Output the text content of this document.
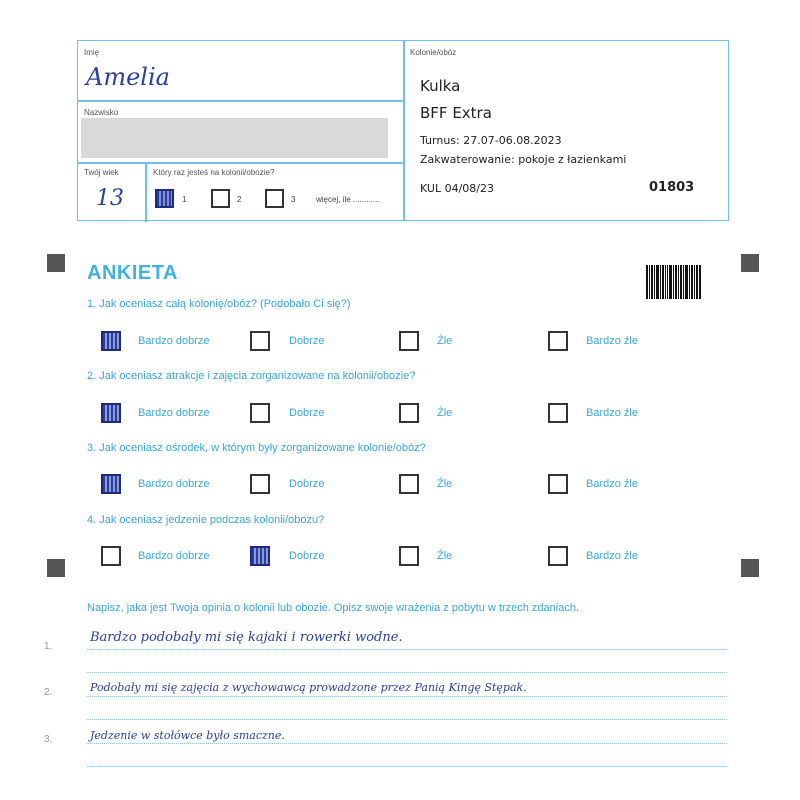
Imię
Amelia
Nazwisko
Twój wiek
13
Który raz jesteś na kolonii/obozie?
1	2	3	więcej, ile ............
Kolonie/obóz
Kulka
BFF Extra
Turnus: 27.07-06.08.2023
Zakwaterowanie: pokoje z łazienkami
KUL 04/08/23	01803
ANKIETA
1. Jak oceniasz całą kolonię/obóz? (Podobało Ci się?)
2. Jak oceniasz atrakcje i zajęcia zorganizowane na kolonii/obozie?
3. Jak oceniasz ośrodek, w którym były zorganizowane kolonie/obóz?
4. Jak oceniasz jedzenie podczas kolonii/obozu?
Bardzo dobrze	Dobrze	Źle	Bardzo źle
Bardzo dobrze	Dobrze	Źle	Bardzo źle
Bardzo dobrze	Dobrze	Źle	Bardzo źle
Bardzo dobrze	Dobrze	Źle	Bardzo źle
Napisz, jaka jest Twoja opinia o kolonii lub obozie. Opisz swoje wrażenia z pobytu w trzech zdaniach.
1.
2.
3.
Bardzo podobały mi się kajaki i rowerki wodne.
Podobały mi się zajęcia z wychowawcą prowadzone przez Panią Kingę Stępak.
Jedzenie w stołówce było smaczne.
